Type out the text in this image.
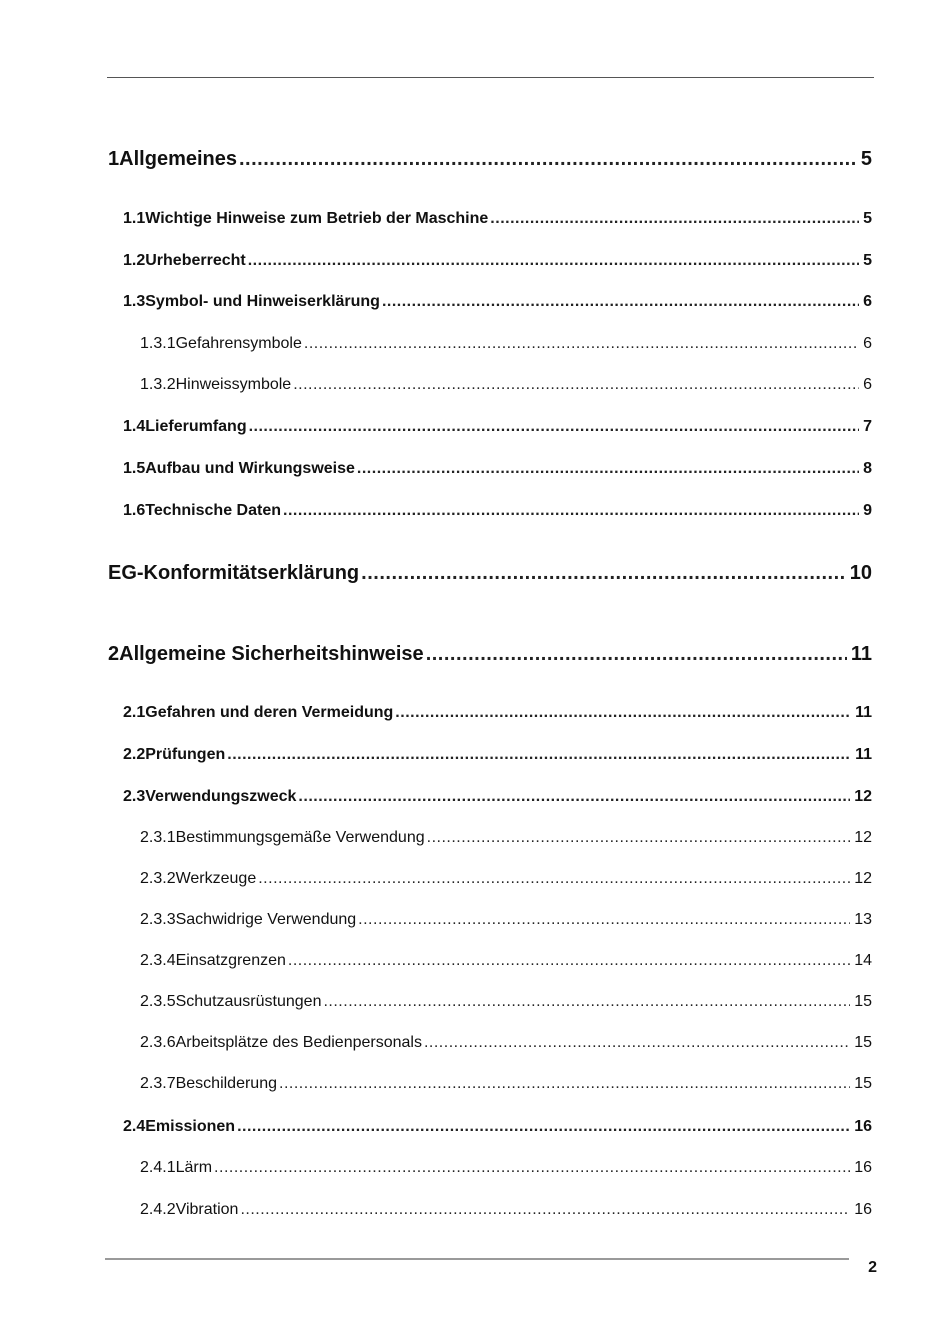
1 Allgemeines .....	5
1.1 Wichtige Hinweise zum Betrieb der Maschine .....	5
1.2 Urheberrecht .....	5
1.3 Symbol- und Hinweiserklärung .....	6
1.3.1 Gefahrensymbole .....	6
1.3.2 Hinweissymbole .....	6
1.4 Lieferumfang .....	7
1.5 Aufbau und Wirkungsweise .....	8
1.6 Technische Daten .....	9
EG-Konformitätserklärung .....	10
2 Allgemeine Sicherheitshinweise .....	11
2.1 Gefahren und deren Vermeidung .....	11
2.2 Prüfungen .....	11
2.3 Verwendungszweck .....	12
2.3.1 Bestimmungsgemäße Verwendung .....	12
2.3.2 Werkzeuge .....	12
2.3.3 Sachwidrige Verwendung .....	13
2.3.4 Einsatzgrenzen .....	14
2.3.5 Schutzausrüstungen .....	15
2.3.6 Arbeitsplätze des Bedienpersonals .....	15
2.3.7 Beschilderung .....	15
2.4 Emissionen .....	16
2.4.1 Lärm .....	16
2.4.2 Vibration .....	16
2
